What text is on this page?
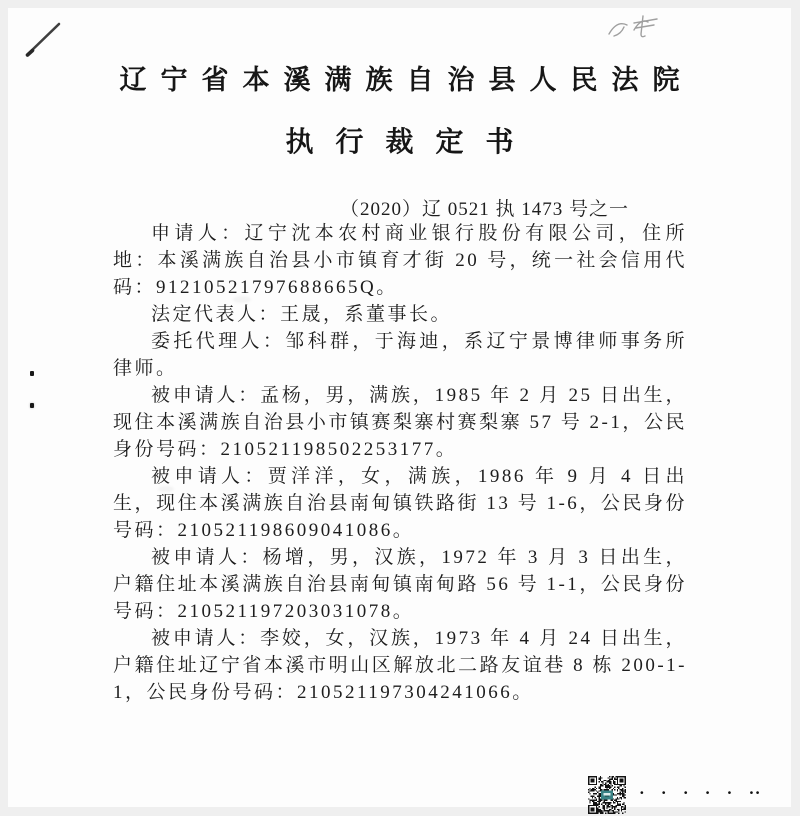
辽宁省本溪满族自治县人民法院
执行裁定书
（2020）辽 0521 执 1473 号之一

申请人：辽宁沈本农村商业银行股份有限公司，住所地：本溪满族自治县小市镇育才街 20 号，统一社会信用代码：91210521797688665Q。

法定代表人：王晟，系董事长。

委托代理人：邹科群，于海迪，系辽宁景博律师事务所律师。

被申请人：孟杨，男，满族，1985 年 2 月 25 日出生，现住本溪满族自治县小市镇赛梨寨村赛梨寨 57 号 2-1，公民身份号码：210521198502253177。

被申请人：贾洋洋，女，满族，1986 年 9 月 4 日出生，现住本溪满族自治县南甸镇铁路街 13 号 1-6，公民身份号码：210521198609041086。

被申请人：杨增，男，汉族，1972 年 3 月 3 日出生，户籍住址本溪满族自治县南甸镇南甸路 56 号 1-1，公民身份号码：210521197203031078。

被申请人：李姣，女，汉族，1973 年 4 月 24 日出生，户籍住址辽宁省本溪市明山区解放北二路友谊巷 8 栋 200-1-1，公民身份号码：210521197304241066。

· · · · · ··
